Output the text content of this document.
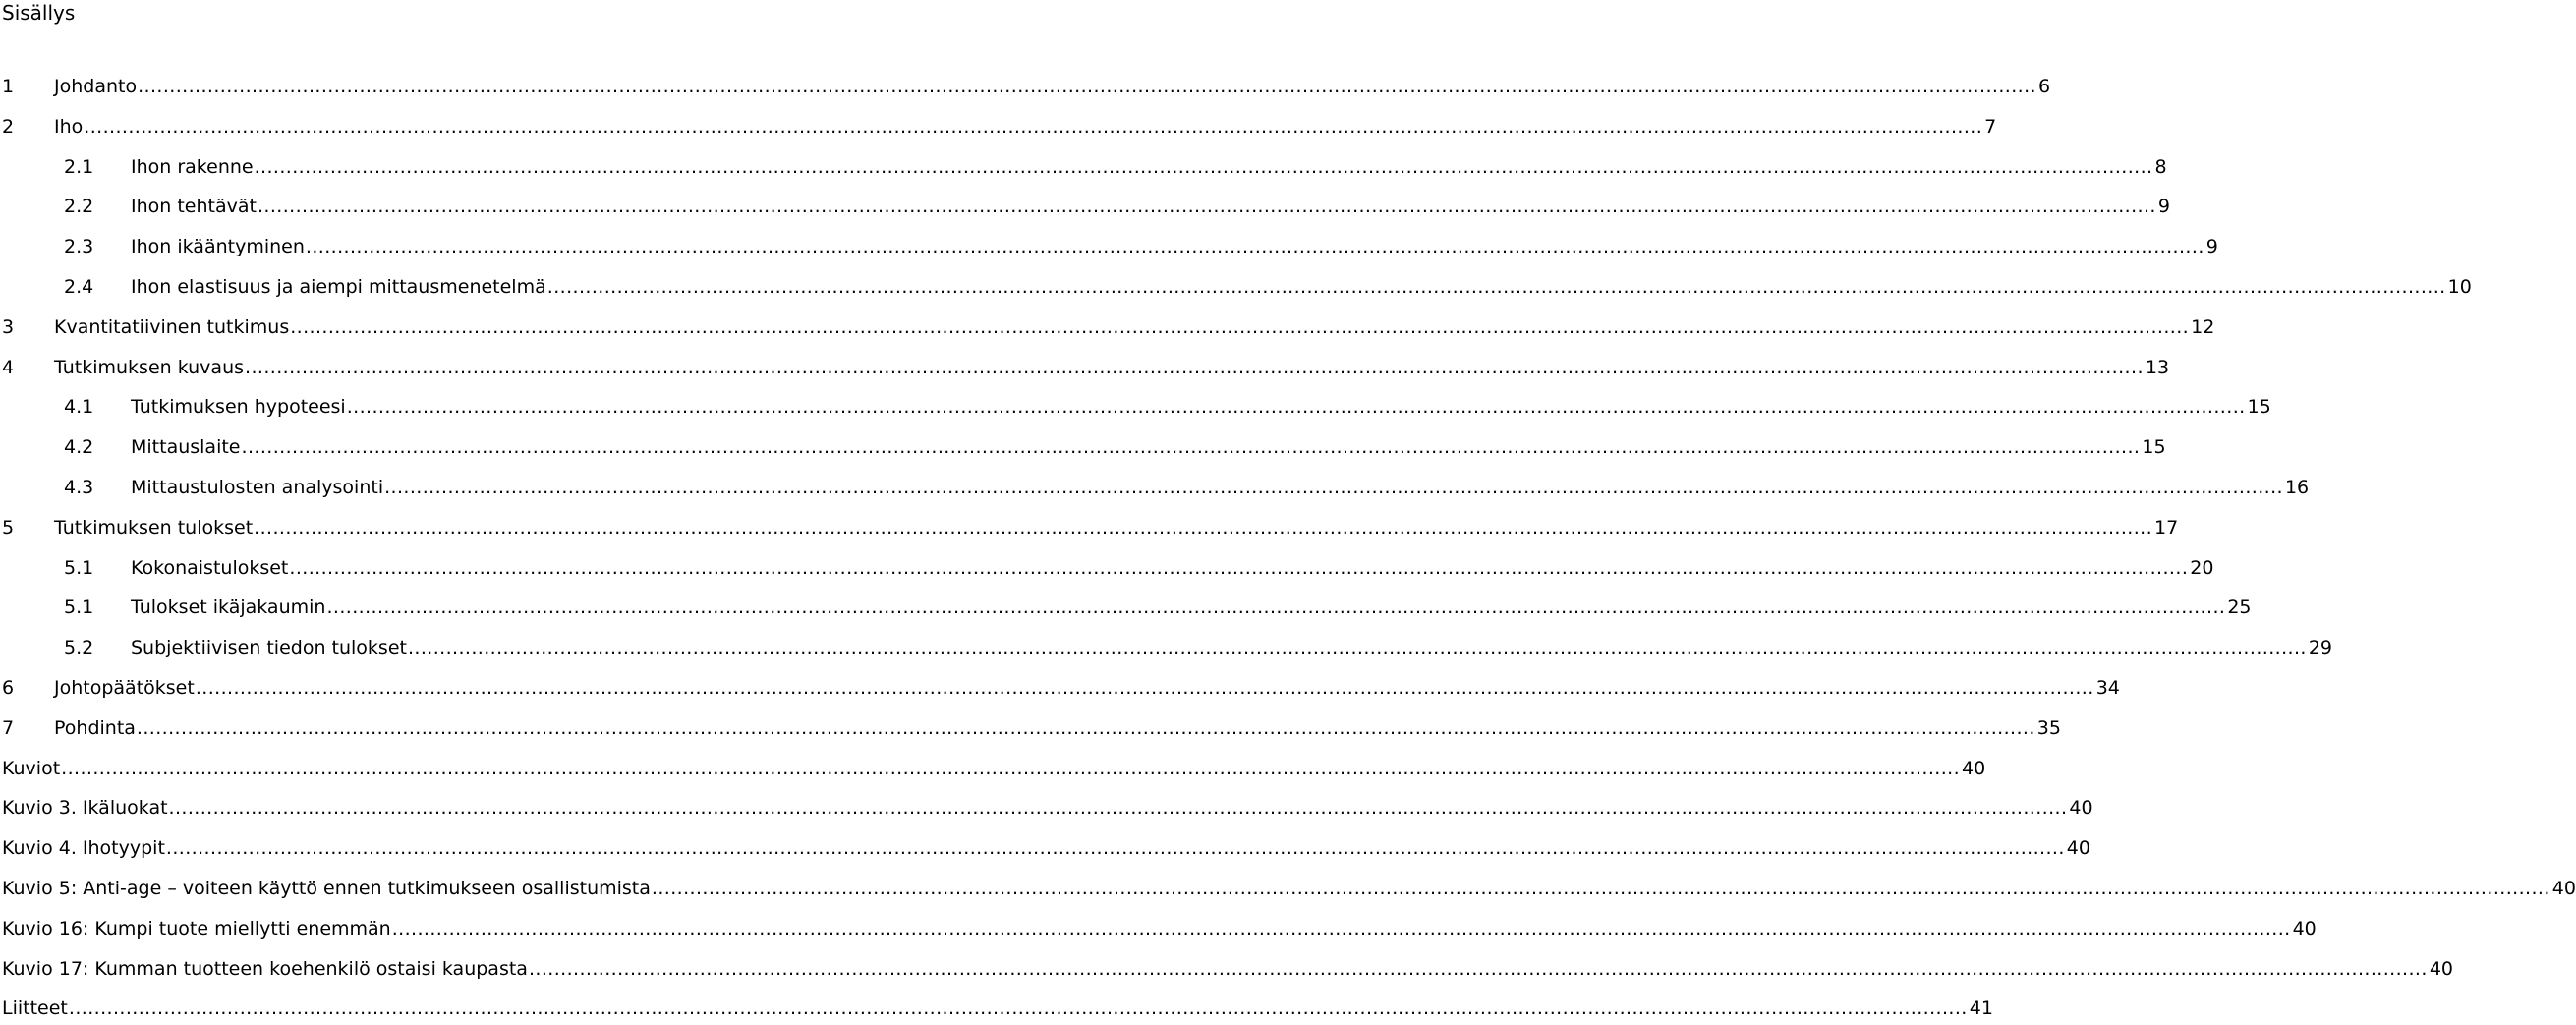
Sisällys
1	Johdanto ............................................................................................................................................................................................................................................................................................................ 6
2	Iho ............................................................................................................................................................................................................................................................................................................ 7
2.1	Ihon rakenne ............................................................................................................................................................................................................................................................................................................ 8
2.2	Ihon tehtävät ............................................................................................................................................................................................................................................................................................................ 9
2.3	Ihon ikääntyminen ............................................................................................................................................................................................................................................................................................................ 9
2.4	Ihon elastisuus ja aiempi mittausmenetelmä ............................................................................................................................................................................................................................................................................................................ 10
3	Kvantitatiivinen tutkimus ............................................................................................................................................................................................................................................................................................................ 12
4	Tutkimuksen kuvaus ............................................................................................................................................................................................................................................................................................................ 13
4.1	Tutkimuksen hypoteesi ............................................................................................................................................................................................................................................................................................................ 15
4.2	Mittauslaite ............................................................................................................................................................................................................................................................................................................ 15
4.3	Mittaustulosten analysointi ............................................................................................................................................................................................................................................................................................................ 16
5	Tutkimuksen tulokset ............................................................................................................................................................................................................................................................................................................ 17
5.1	Kokonaistulokset ............................................................................................................................................................................................................................................................................................................ 20
5.1	Tulokset ikäjakaumin ............................................................................................................................................................................................................................................................................................................ 25
5.2	Subjektiivisen tiedon tulokset ............................................................................................................................................................................................................................................................................................................ 29
6	Johtopäätökset ............................................................................................................................................................................................................................................................................................................ 34
7	Pohdinta ............................................................................................................................................................................................................................................................................................................ 35
Kuviot ............................................................................................................................................................................................................................................................................................................ 40
Kuvio 3. Ikäluokat ............................................................................................................................................................................................................................................................................................................ 40
Kuvio 4. Ihotyypit ............................................................................................................................................................................................................................................................................................................ 40
Kuvio 5: Anti-age – voiteen käyttö ennen tutkimukseen osallistumista ............................................................................................................................................................................................................................................................................................................ 40
Kuvio 16: Kumpi tuote miellytti enemmän ............................................................................................................................................................................................................................................................................................................ 40
Kuvio 17: Kumman tuotteen koehenkilö ostaisi kaupasta ............................................................................................................................................................................................................................................................................................................ 40
Liitteet ............................................................................................................................................................................................................................................................................................................ 41
